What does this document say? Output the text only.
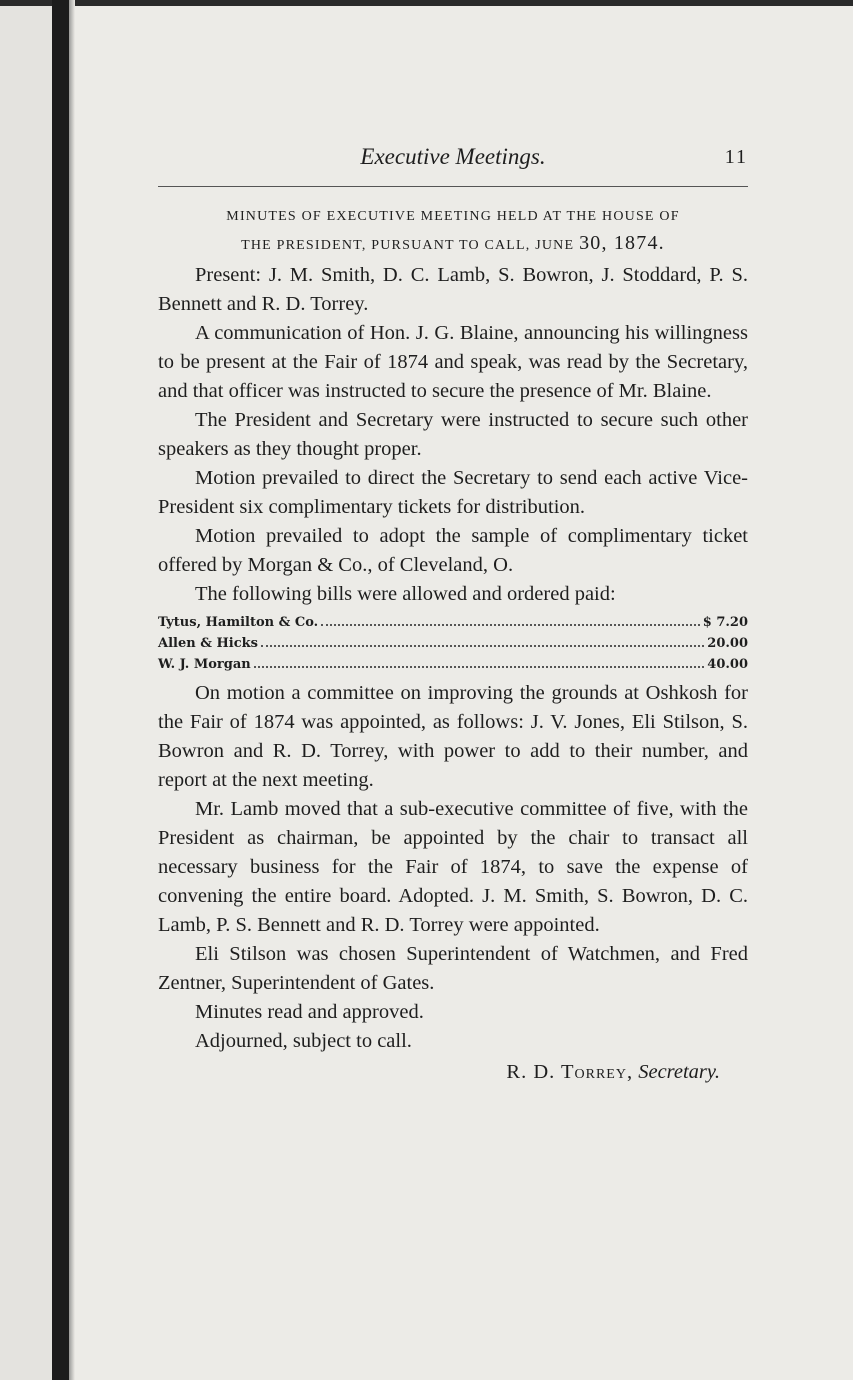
Executive Meetings.	11
MINUTES OF EXECUTIVE MEETING HELD AT THE HOUSE OF
THE PRESIDENT, PURSUANT TO CALL, JUNE 30, 1874.

Present: J. M. Smith, D. C. Lamb, S. Bowron, J. Stoddard, P. S. Bennett and R. D. Torrey.

A communication of Hon. J. G. Blaine, announcing his willingness to be present at the Fair of 1874 and speak, was read by the Secretary, and that officer was instructed to secure the presence of Mr. Blaine.

The President and Secretary were instructed to secure such other speakers as they thought proper.

Motion prevailed to direct the Secretary to send each active Vice-President six complimentary tickets for distribution.

Motion prevailed to adopt the sample of complimentary ticket offered by Morgan & Co., of Cleveland, O.

The following bills were allowed and ordered paid:

Tytus, Hamilton & Co.	$ 7.20
Allen & Hicks	20.00
W. J. Morgan	40.00

On motion a committee on improving the grounds at Oshkosh for the Fair of 1874 was appointed, as follows: J. V. Jones, Eli Stilson, S. Bowron and R. D. Torrey, with power to add to their number, and report at the next meeting.

Mr. Lamb moved that a sub-executive committee of five, with the President as chairman, be appointed by the chair to transact all necessary business for the Fair of 1874, to save the expense of convening the entire board. Adopted. J. M. Smith, S. Bowron, D. C. Lamb, P. S. Bennett and R. D. Torrey were appointed.

Eli Stilson was chosen Superintendent of Watchmen, and Fred Zentner, Superintendent of Gates.

Minutes read and approved.

Adjourned, subject to call.

R. D. Torrey, Secretary.
